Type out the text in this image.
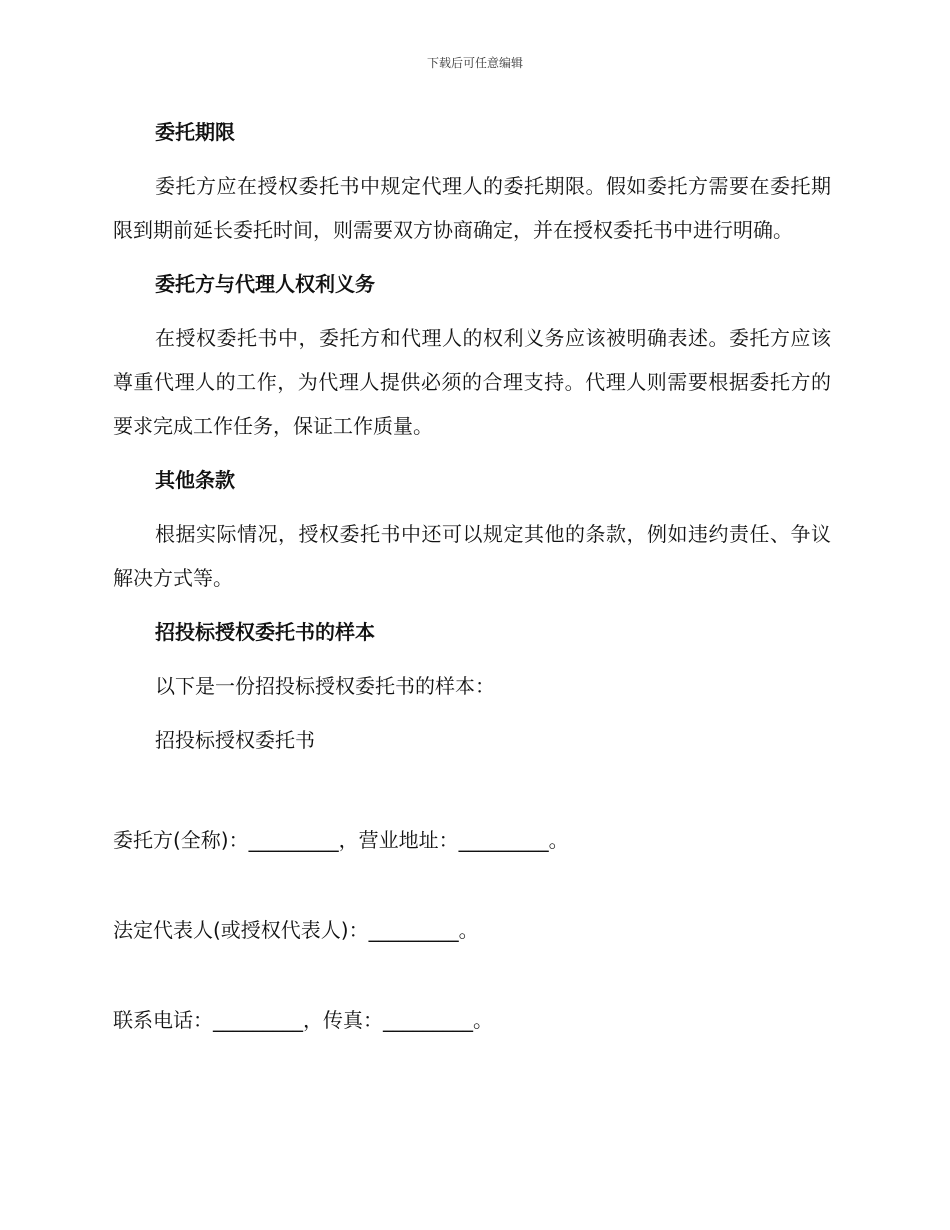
下载后可任意编辑
委托期限
委托方应在授权委托书中规定代理人的委托期限。假如委托方需要在委托期限到期前延长委托时间，则需要双方协商确定，并在授权委托书中进行明确。
委托方与代理人权利义务
在授权委托书中，委托方和代理人的权利义务应该被明确表述。委托方应该尊重代理人的工作，为代理人提供必须的合理支持。代理人则需要根据委托方的要求完成工作任务，保证工作质量。
其他条款
根据实际情况，授权委托书中还可以规定其他的条款，例如违约责任、争议解决方式等。
招投标授权委托书的样本
以下是一份招投标授权委托书的样本：
招投标授权委托书
委托方(全称)：_________，营业地址：_________。
法定代表人(或授权代表人)：_________。
联系电话：_________，传真：_________。
